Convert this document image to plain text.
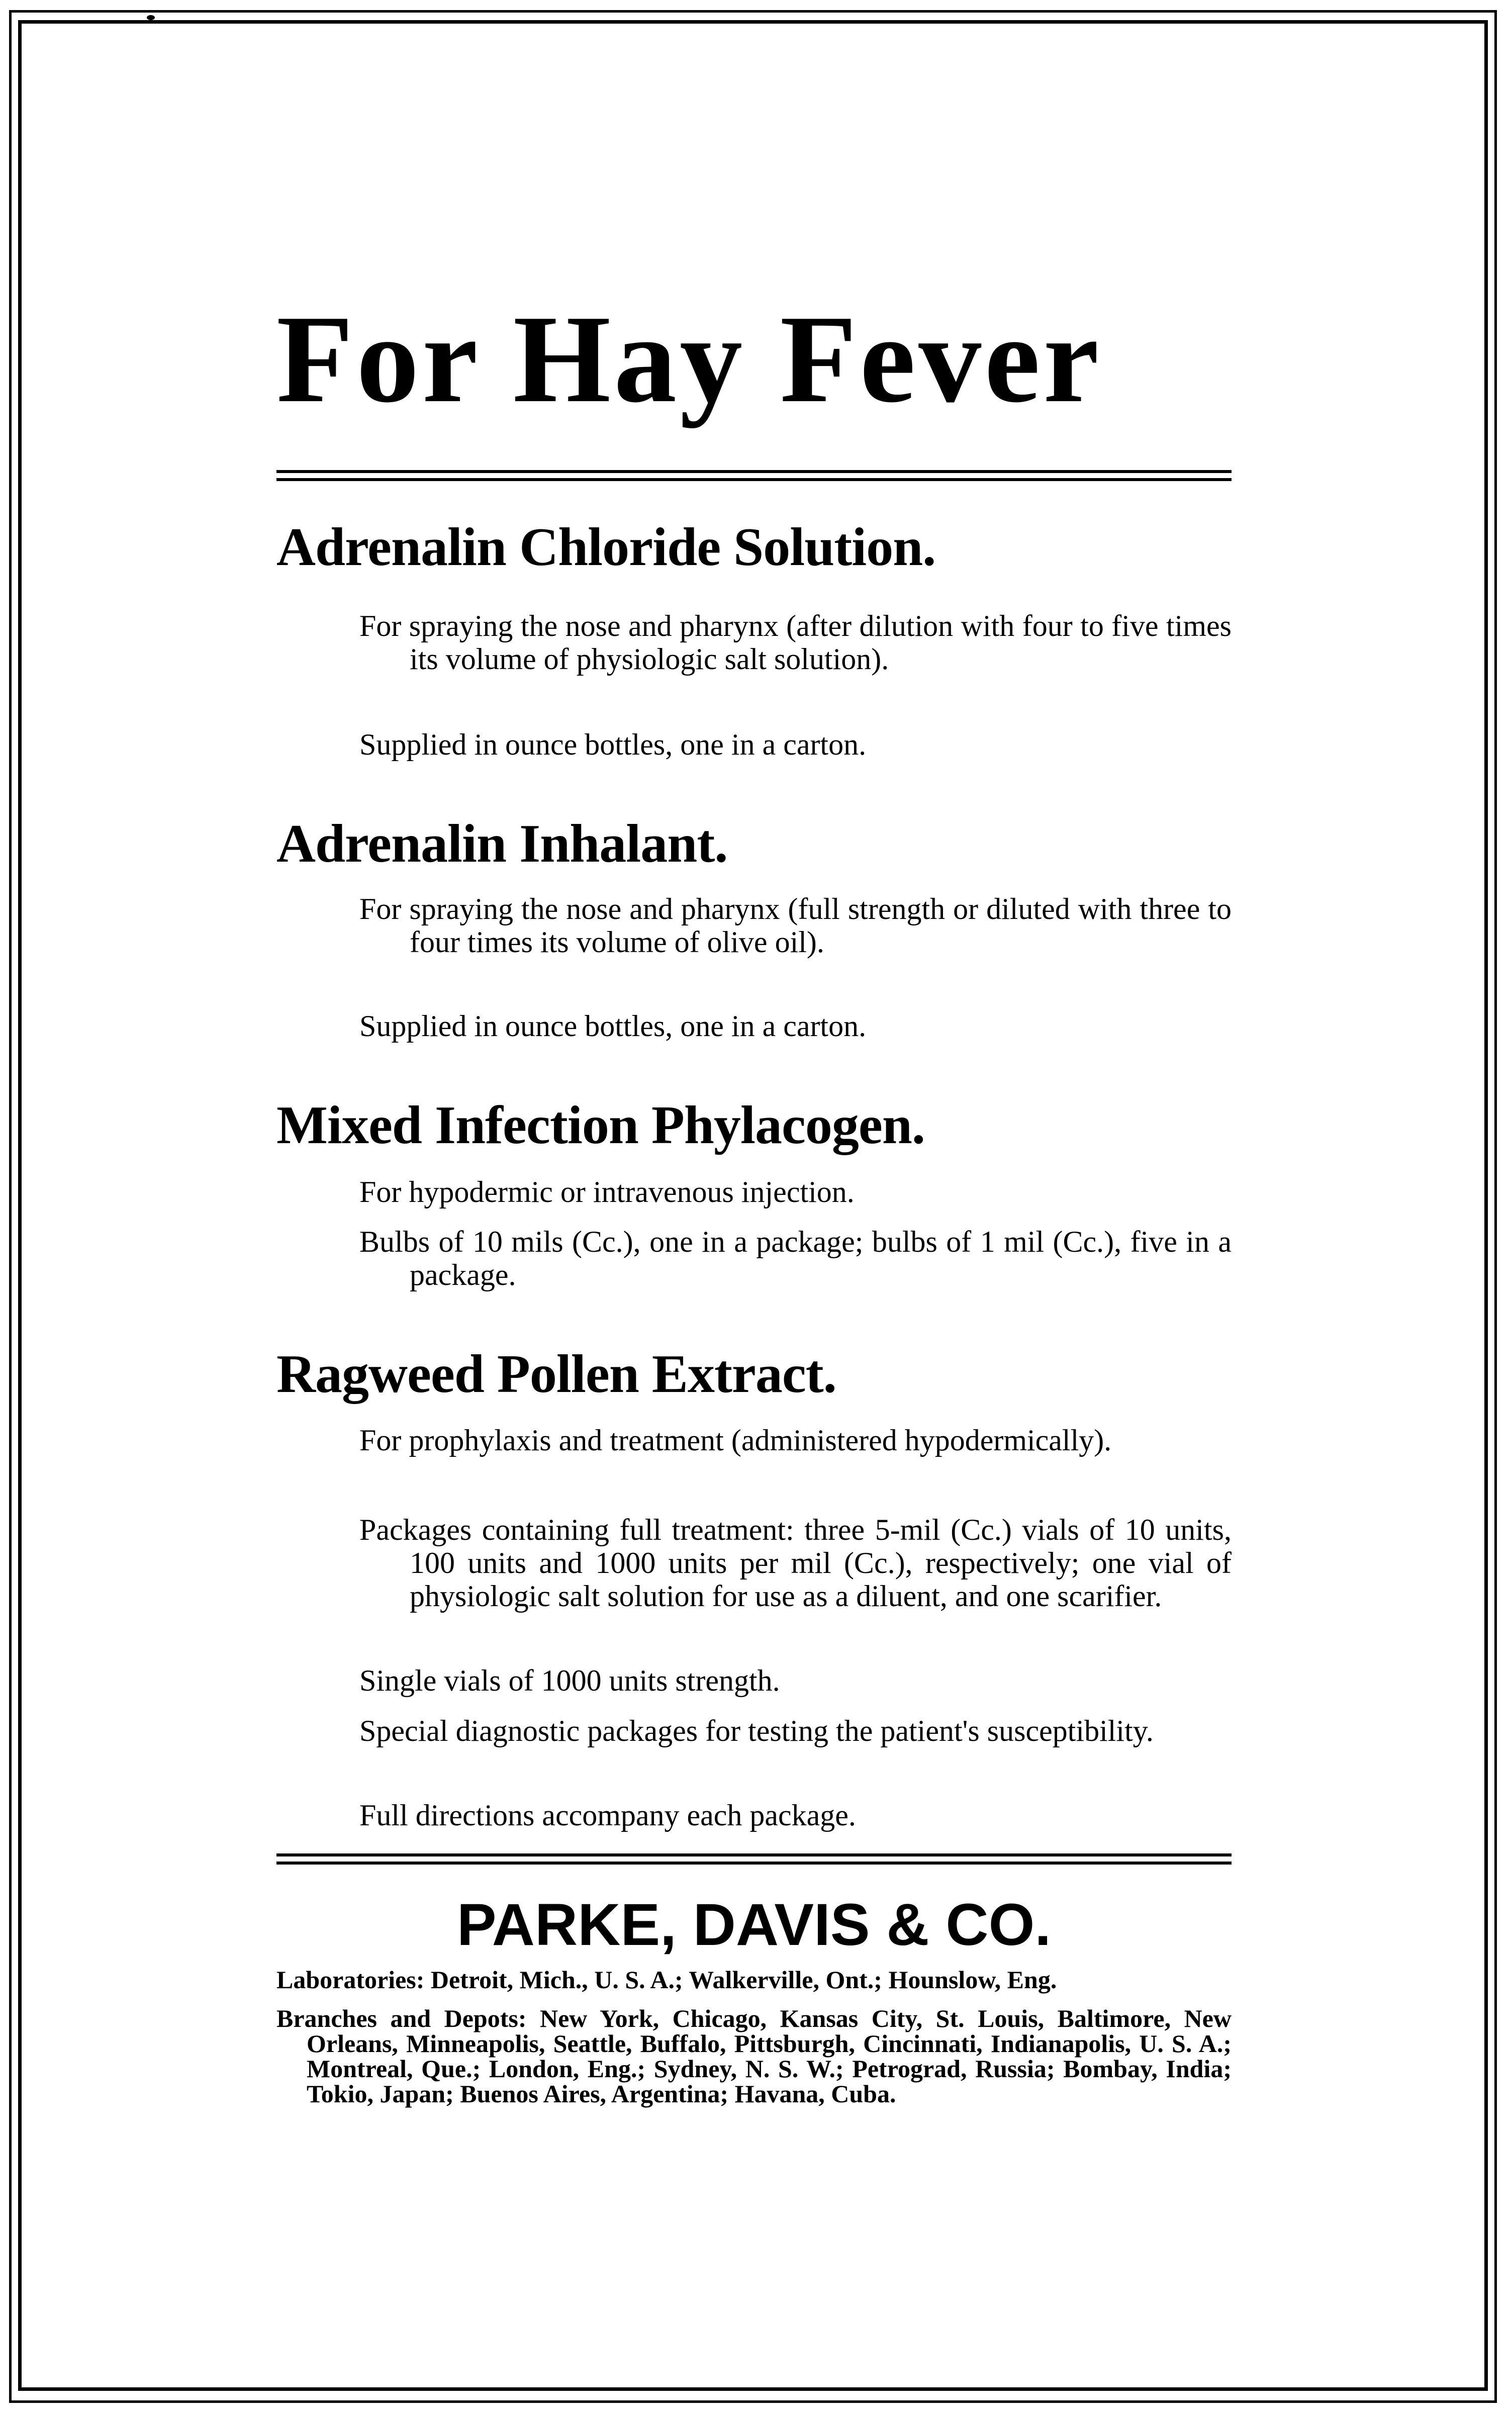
For Hay Fever
Adrenalin Chloride Solution.
For spraying the nose and pharynx (after dilution with four to five times its volume of physiologic salt solution).
Supplied in ounce bottles, one in a carton.
Adrenalin Inhalant.
For spraying the nose and pharynx (full strength or diluted with three to four times its volume of olive oil).
Supplied in ounce bottles, one in a carton.
Mixed Infection Phylacogen.
For hypodermic or intravenous injection.
Bulbs of 10 mils (Cc.), one in a package; bulbs of 1 mil (Cc.), five in a package.
Ragweed Pollen Extract.
For prophylaxis and treatment (administered hypodermically).
Packages containing full treatment: three 5-mil (Cc.) vials of 10 units, 100 units and 1000 units per mil (Cc.), respectively; one vial of physiologic salt solution for use as a diluent, and one scarifier.
Single vials of 1000 units strength.
Special diagnostic packages for testing the patient's susceptibility.
Full directions accompany each package.
PARKE, DAVIS & CO.
Laboratories: Detroit, Mich., U. S. A.; Walkerville, Ont.; Hounslow, Eng.
Branches and Depots: New York, Chicago, Kansas City, St. Louis, Baltimore, New Orleans, Minneapolis, Seattle, Buffalo, Pittsburgh, Cincinnati, Indianapolis, U. S. A.; Montreal, Que.; London, Eng.; Sydney, N. S. W.; Petrograd, Russia; Bombay, India; Tokio, Japan; Buenos Aires, Argentina; Havana, Cuba.
